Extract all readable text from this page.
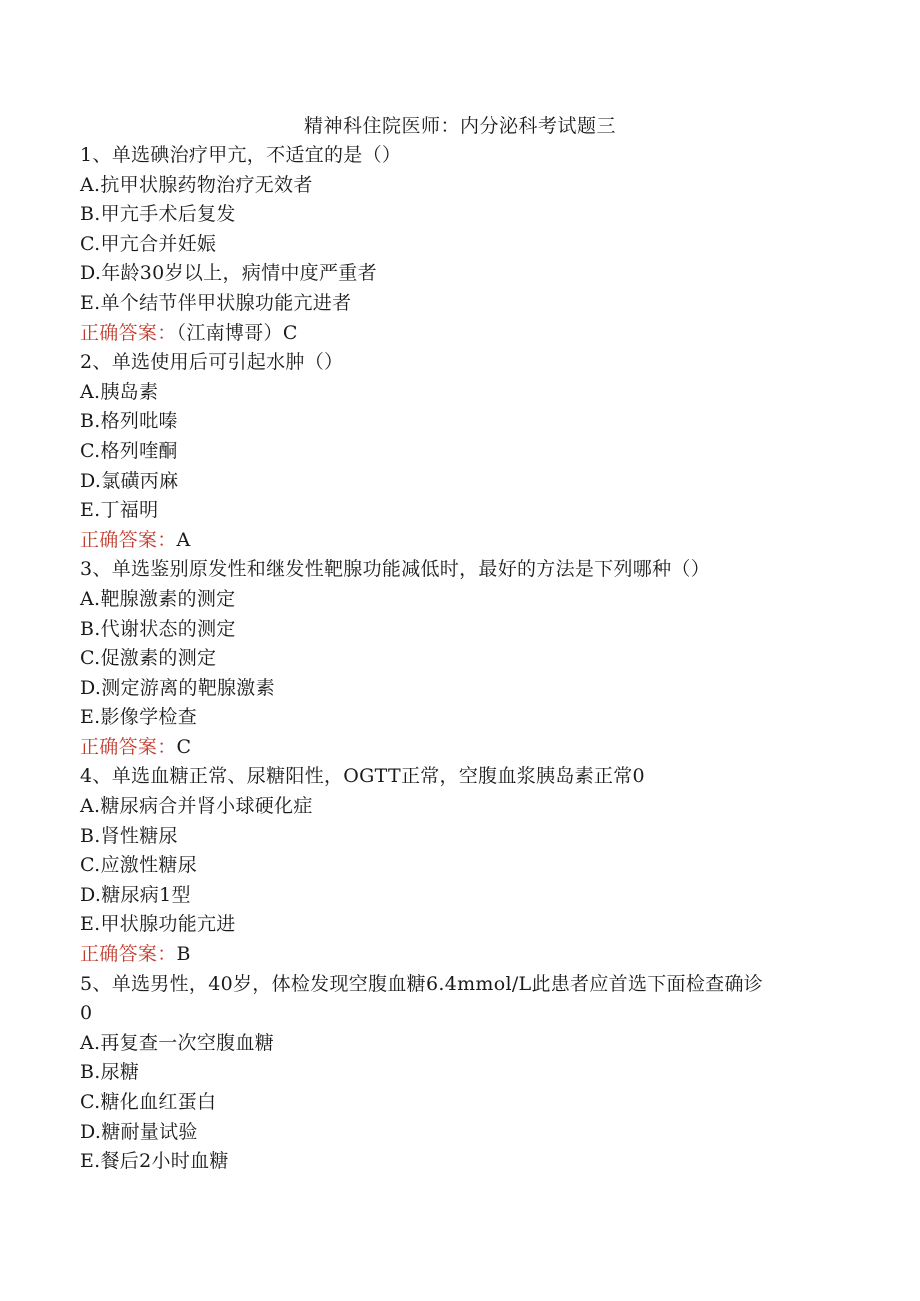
精神科住院医师：内分泌科考试题三
1、单选碘治疗甲亢，不适宜的是（）
A.抗甲状腺药物治疗无效者
B.甲亢手术后复发
C.甲亢合并妊娠
D.年龄30岁以上，病情中度严重者
E.单个结节伴甲状腺功能亢进者
正确答案：（江南博哥）C
2、单选使用后可引起水肿（）
A.胰岛素
B.格列吡嗪
C.格列喹酮
D.氯磺丙麻
E.丁福明
正确答案：A
3、单选鉴别原发性和继发性靶腺功能减低时，最好的方法是下列哪种（）
A.靶腺激素的测定
B.代谢状态的测定
C.促激素的测定
D.测定游离的靶腺激素
E.影像学检查
正确答案：C
4、单选血糖正常、尿糖阳性，OGTT正常，空腹血浆胰岛素正常0
A.糖尿病合并肾小球硬化症
B.肾性糖尿
C.应激性糖尿
D.糖尿病1型
E.甲状腺功能亢进
正确答案：B
5、单选男性，40岁，体检发现空腹血糖6.4mmol/L此患者应首选下面检查确诊
0
A.再复查一次空腹血糖
B.尿糖
C.糖化血红蛋白
D.糖耐量试验
E.餐后2小时血糖
